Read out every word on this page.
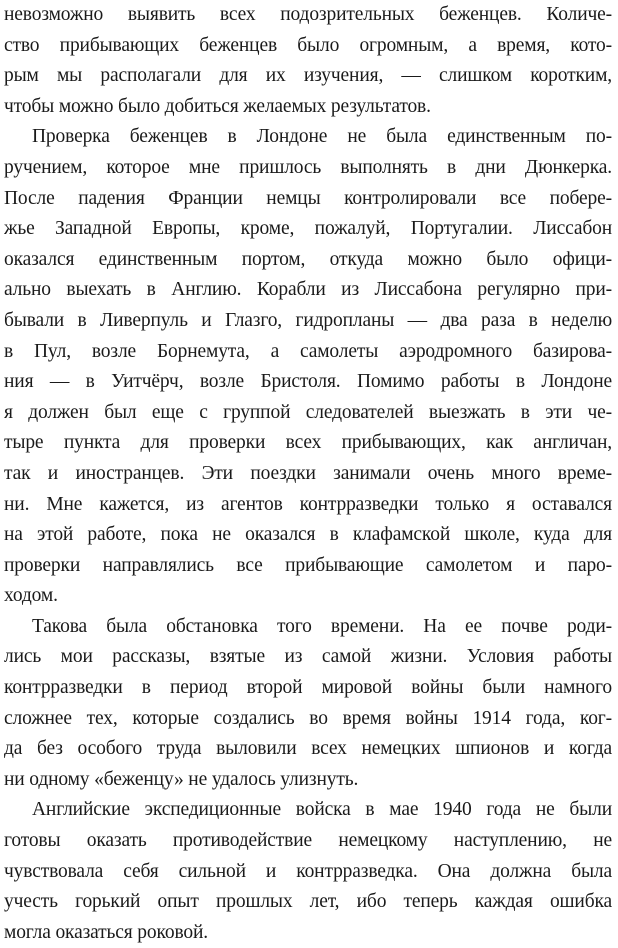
невозможно выявить всех подозрительных беженцев. Количе-
ство прибывающих беженцев было огромным, а время, кото-
рым мы располагали для их изучения, — слишком коротким,
чтобы можно было добиться желаемых результатов.
Проверка беженцев в Лондоне не была единственным по-
ручением, которое мне пришлось выполнять в дни Дюнкерка.
После падения Франции немцы контролировали все побере-
жье Западной Европы, кроме, пожалуй, Португалии. Лиссабон
оказался единственным портом, откуда можно было офици-
ально выехать в Англию. Корабли из Лиссабона регулярно при-
бывали в Ливерпуль и Глазго, гидропланы — два раза в неделю
в Пул, возле Борнемута, а самолеты аэродромного базирова-
ния — в Уитчёрч, возле Бристоля. Помимо работы в Лондоне
я должен был еще с группой следователей выезжать в эти че-
тыре пункта для проверки всех прибывающих, как англичан,
так и иностранцев. Эти поездки занимали очень много време-
ни. Мне кажется, из агентов контрразведки только я оставался
на этой работе, пока не оказался в клафамской школе, куда для
проверки направлялись все прибывающие самолетом и паро-
ходом.
Такова была обстановка того времени. На ее почве роди-
лись мои рассказы, взятые из самой жизни. Условия работы
контрразведки в период второй мировой войны были намного
сложнее тех, которые создались во время войны 1914 года, ког-
да без особого труда выловили всех немецких шпионов и когда
ни одному «беженцу» не удалось улизнуть.
Английские экспедиционные войска в мае 1940 года не были
готовы оказать противодействие немецкому наступлению, не
чувствовала себя сильной и контрразведка. Она должна была
учесть горький опыт прошлых лет, ибо теперь каждая ошибка
могла оказаться роковой.
